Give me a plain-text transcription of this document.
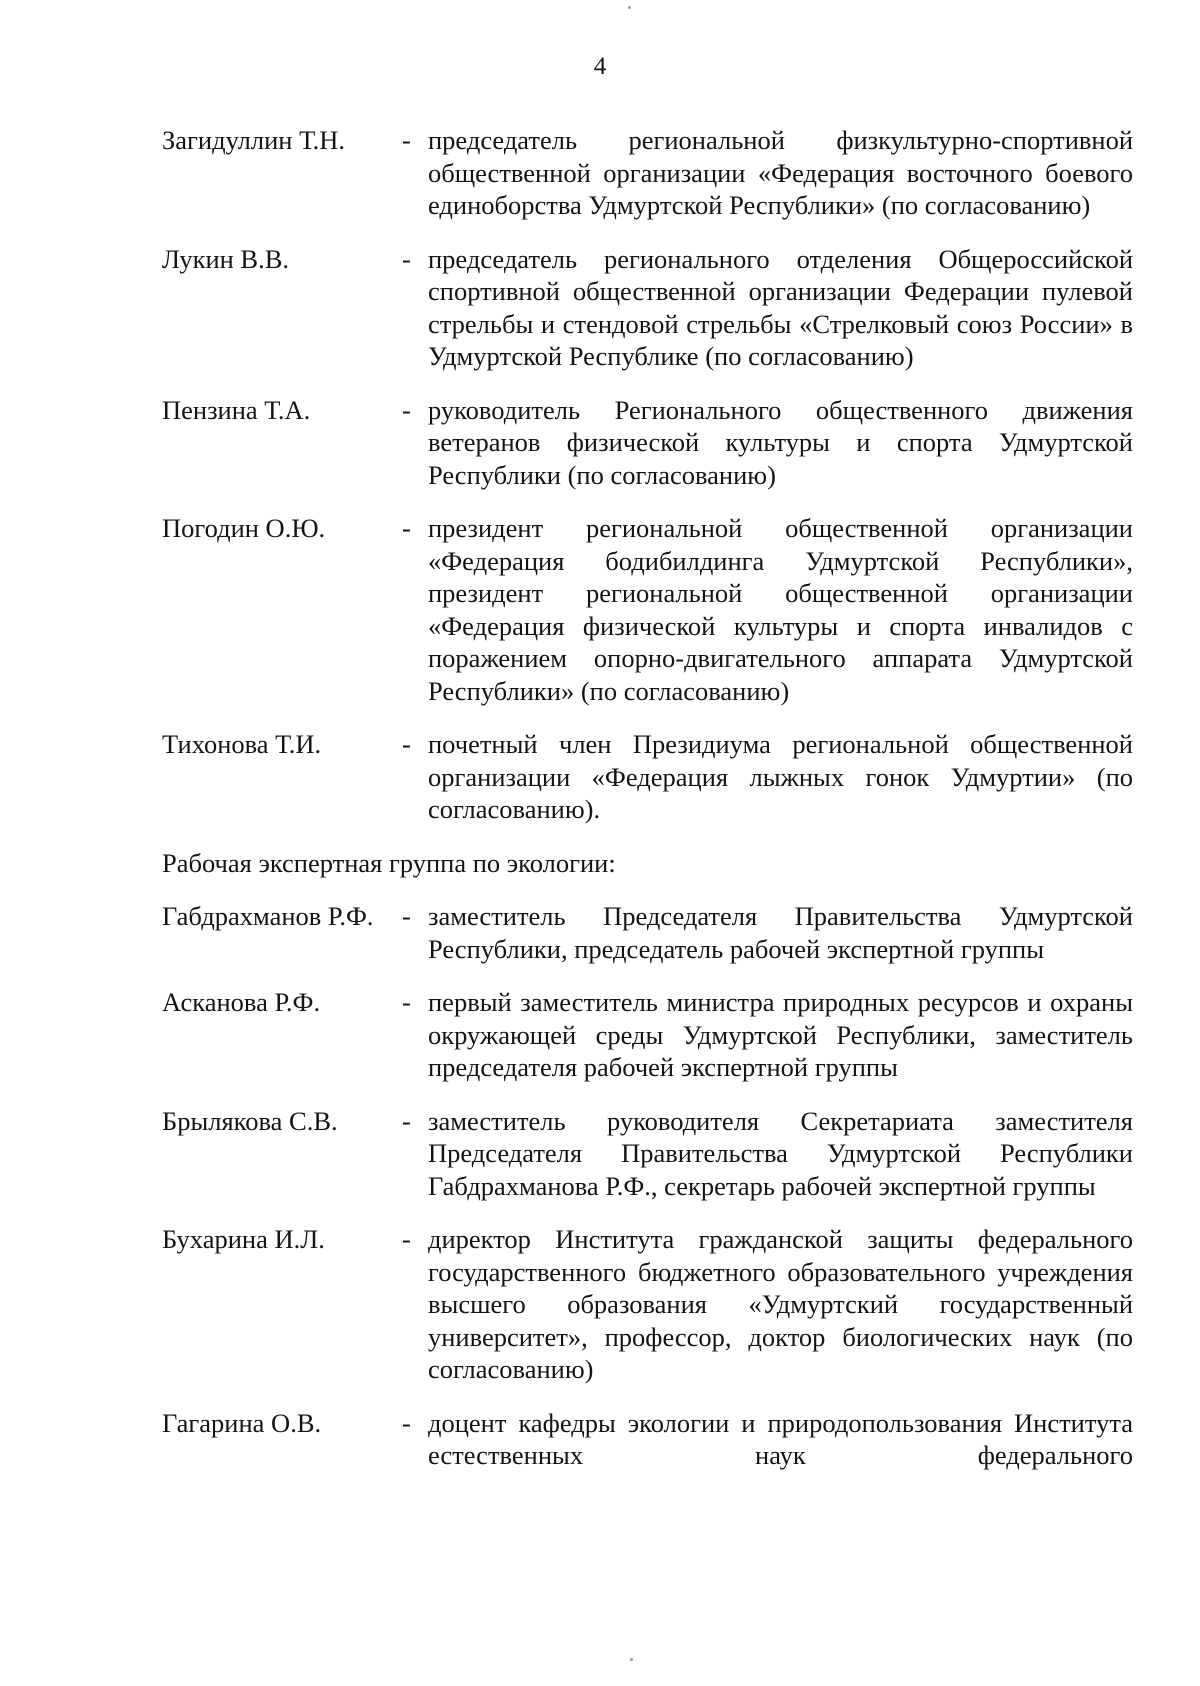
4
Загидуллин Т.Н.	- председатель региональной физкультурно-спортивной общественной организации «Федерация восточного боевого единоборства Удмуртской Республики» (по согласованию)
Лукин В.В.	- председатель регионального отделения Общероссийской спортивной общественной организации Федерации пулевой стрельбы и стендовой стрельбы «Стрелковый союз России» в Удмуртской Республике (по согласованию)
Пензина Т.А.	- руководитель Регионального общественного движения ветеранов физической культуры и спорта Удмуртской Республики (по согласованию)
Погодин О.Ю.	- президент региональной общественной организации «Федерация бодибилдинга Удмуртской Республики», президент региональной общественной организации «Федерация физической культуры и спорта инвалидов с поражением опорно-двигательного аппарата Удмуртской Республики» (по согласованию)
Тихонова Т.И.	- почетный член Президиума региональной общественной организации «Федерация лыжных гонок Удмуртии» (по согласованию).
Рабочая экспертная группа по экологии:
Габдрахманов Р.Ф.	- заместитель Председателя Правительства Удмуртской Республики, председатель рабочей экспертной группы
Асканова Р.Ф.	- первый заместитель министра природных ресурсов и охраны окружающей среды Удмуртской Республики, заместитель председателя рабочей экспертной группы
Брылякова С.В.	- заместитель руководителя Секретариата заместителя Председателя Правительства Удмуртской Республики Габдрахманова Р.Ф., секретарь рабочей экспертной группы
Бухарина И.Л.	- директор Института гражданской защиты федерального государственного бюджетного образовательного учреждения высшего образования «Удмуртский государственный университет», профессор, доктор биологических наук (по согласованию)
Гагарина О.В.	- доцент кафедры экологии и природопользования Института естественных наук федерального
